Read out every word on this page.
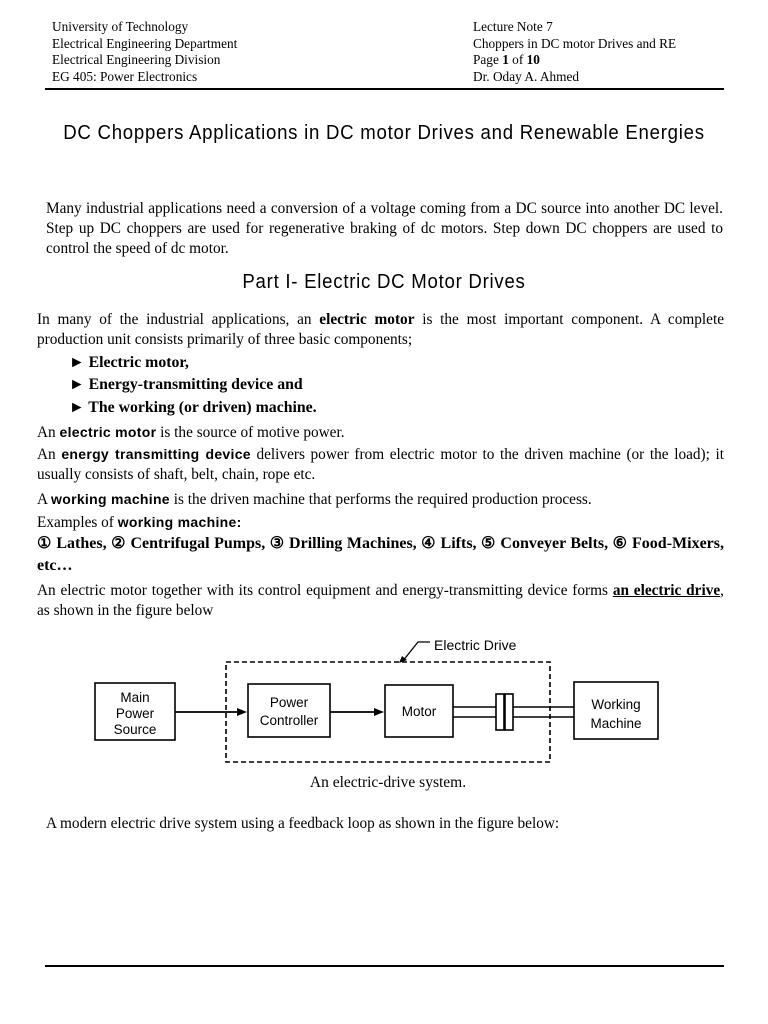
University of Technology
Electrical Engineering Department
Electrical Engineering Division
EG 405: Power Electronics
Lecture Note 7
Choppers in DC motor Drives and RE
Page 1 of 10
Dr. Oday A. Ahmed
DC Choppers Applications in DC motor Drives and Renewable Energies
Many industrial applications need a conversion of a voltage coming from a DC source into another DC level. Step up DC choppers are used for regenerative braking of dc motors. Step down DC choppers are used to control the speed of dc motor.
Part I- Electric DC Motor Drives
In many of the industrial applications, an electric motor is the most important component. A complete production unit consists primarily of three basic components;
► Electric motor,
► Energy-transmitting device and
► The working (or driven) machine.
An electric motor is the source of motive power.
An energy transmitting device delivers power from electric motor to the driven machine (or the load); it usually consists of shaft, belt, chain, rope etc.
A working machine is the driven machine that performs the required production process.
Examples of working machine:
① Lathes, ② Centrifugal Pumps, ③ Drilling Machines, ④ Lifts, ⑤ Conveyer Belts, ⑥ Food-Mixers, etc…
An electric motor together with its control equipment and energy-transmitting device forms an electric drive, as shown in the figure below
Electric Drive
Main
Power
Source
Power
Controller
Motor	Working
Machine
An electric-drive system.
A modern electric drive system using a feedback loop as shown in the figure below:
